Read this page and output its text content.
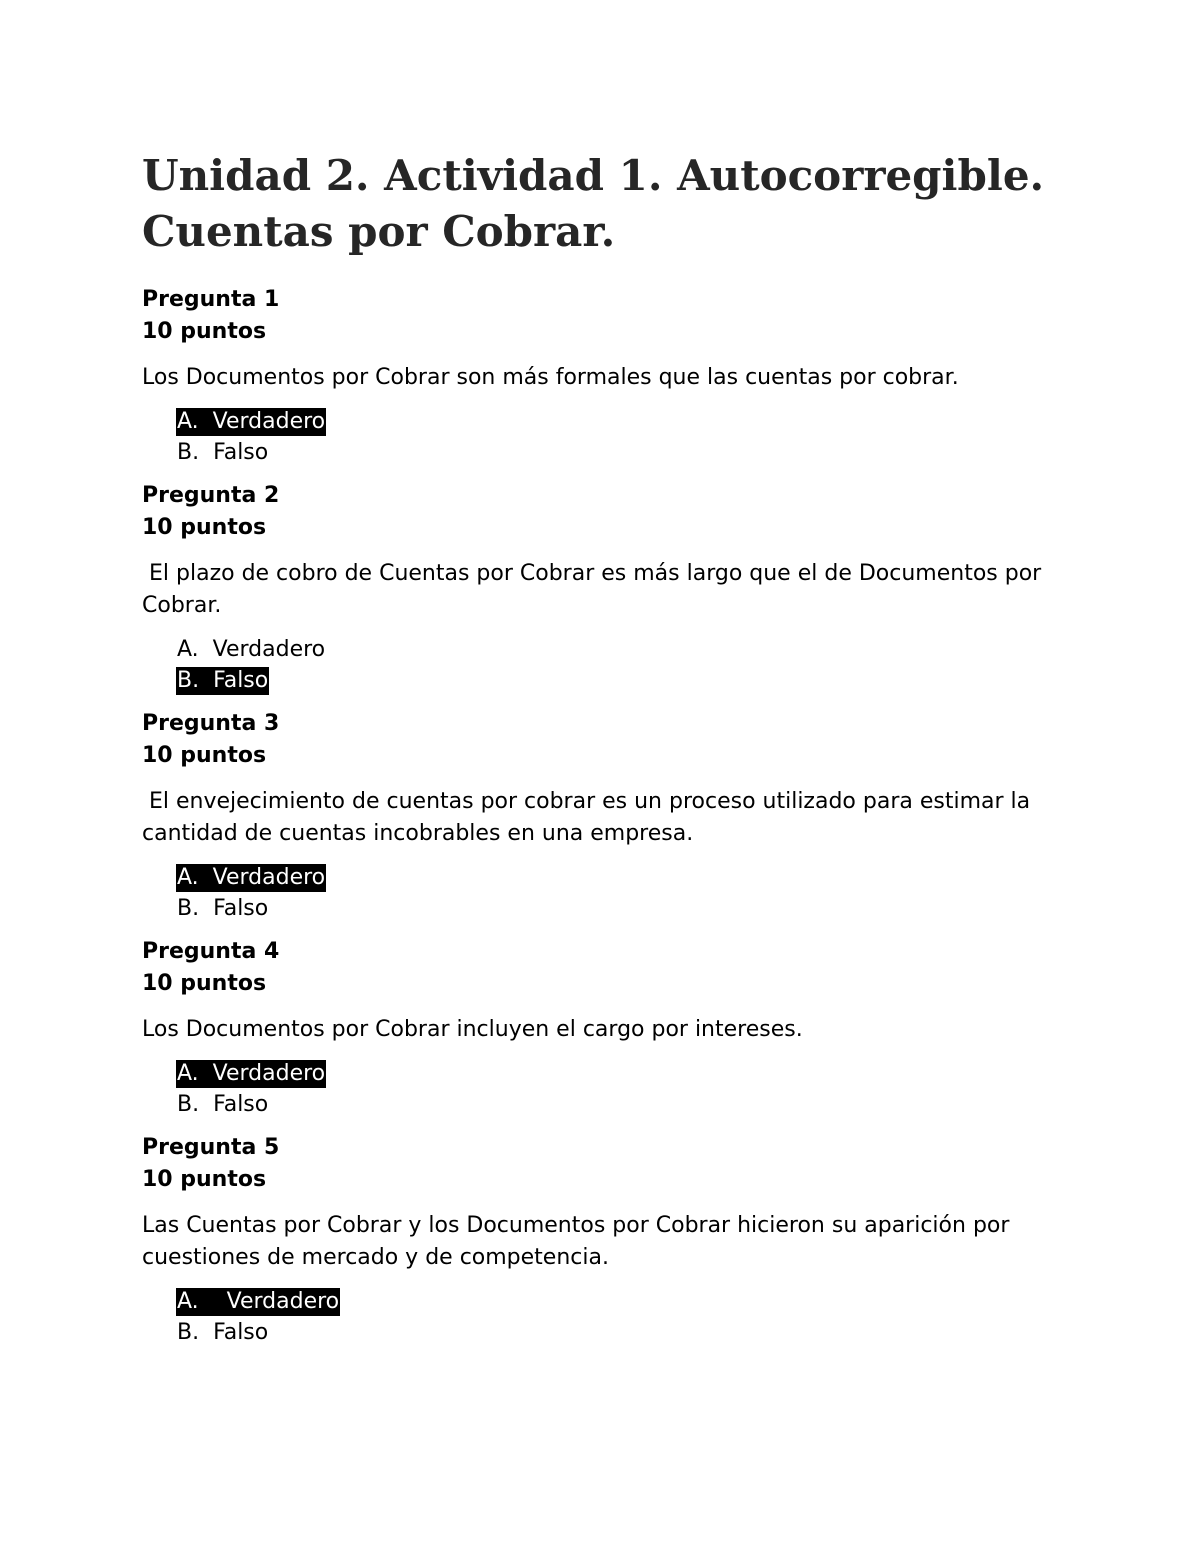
Unidad 2. Actividad 1. Autocorregible.
Cuentas por Cobrar.
Pregunta 1
10 puntos
Los Documentos por Cobrar son más formales que las cuentas por cobrar.
A.  Verdadero
B.  Falso
Pregunta 2
10 puntos
El plazo de cobro de Cuentas por Cobrar es más largo que el de Documentos por Cobrar.
A.  Verdadero
B.  Falso
Pregunta 3
10 puntos
El envejecimiento de cuentas por cobrar es un proceso utilizado para estimar la cantidad de cuentas incobrables en una empresa.
A.  Verdadero
B.  Falso
Pregunta 4
10 puntos
Los Documentos por Cobrar incluyen el cargo por intereses.
A.  Verdadero
B.  Falso
Pregunta 5
10 puntos
Las Cuentas por Cobrar y los Documentos por Cobrar hicieron su aparición por cuestiones de mercado y de competencia.
A.    Verdadero
B.  Falso
